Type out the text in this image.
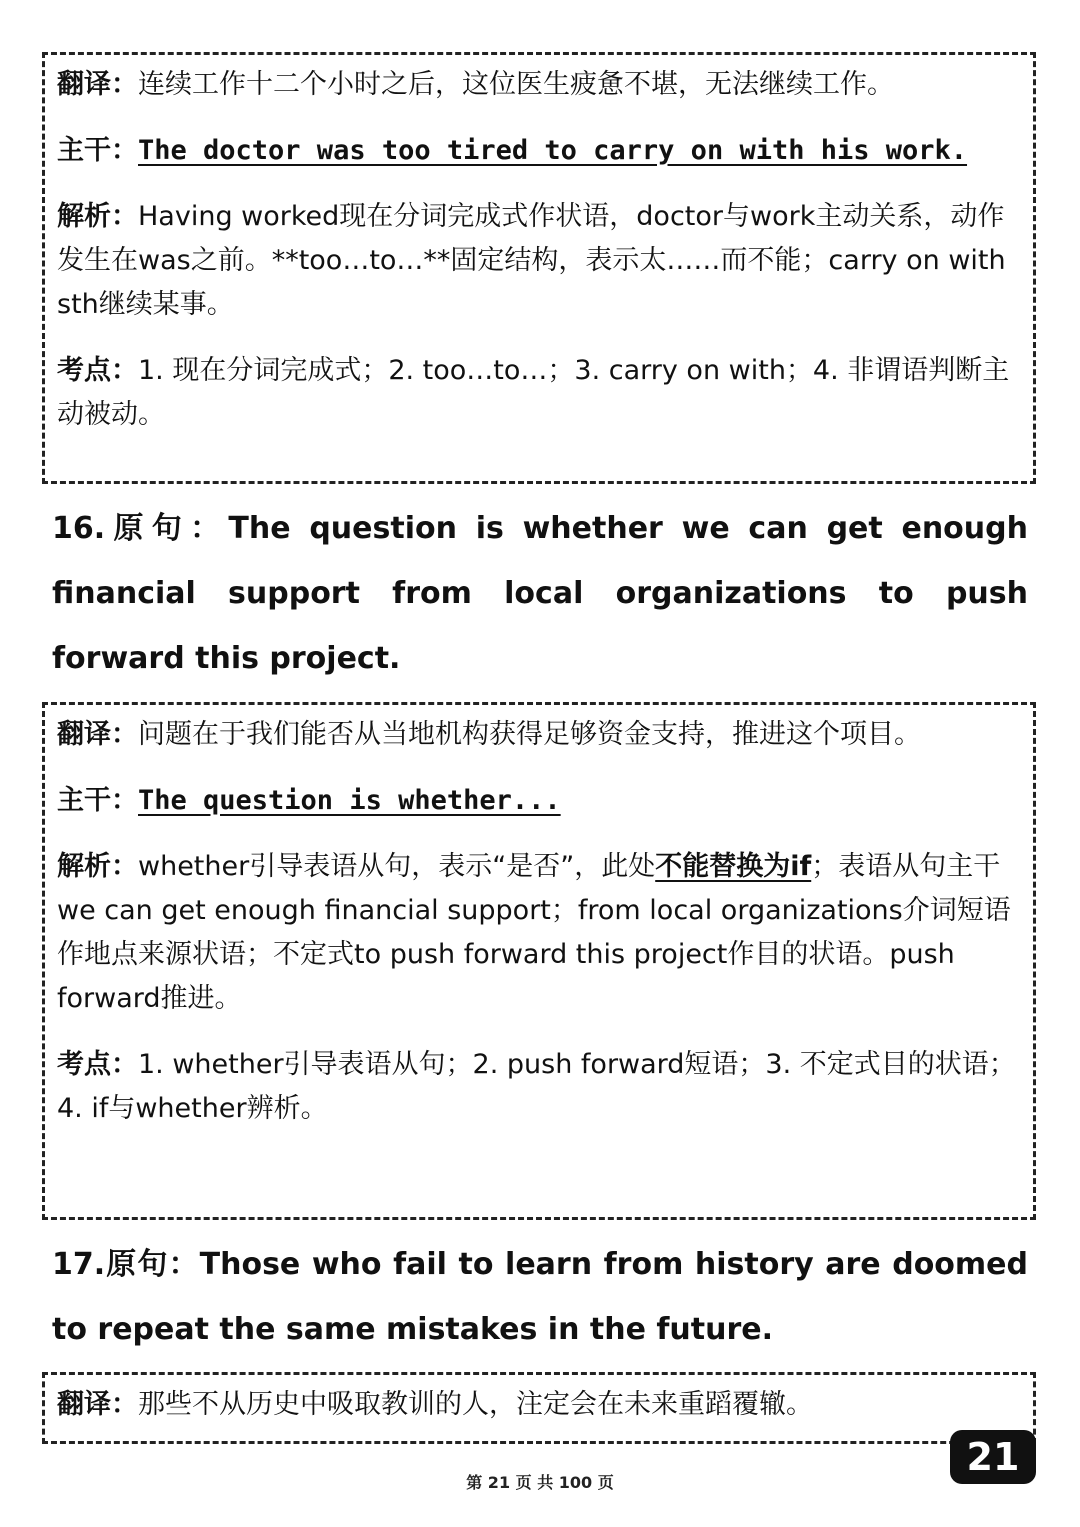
翻译：连续工作十二个小时之后，这位医生疲惫不堪，无法继续工作。

主干：The doctor was too tired to carry on with his work.

解析：Having worked现在分词完成式作状语，doctor与work主动关系，动作发生在was之前。**too…to…**固定结构，表示太……而不能；carry on with sth继续某事。

考点：1. 现在分词完成式；2. too…to…；3. carry on with；4. 非谓语判断主动被动。

16.原句：The question is whether we can get enough financial support from local organizations to push forward this project.

翻译：问题在于我们能否从当地机构获得足够资金支持，推进这个项目。

主干：The question is whether...

解析：whether引导表语从句，表示“是否”，此处不能替换为if；表语从句主干we can get enough financial support；from local organizations介词短语作地点来源状语；不定式to push forward this project作目的状语。push forward推进。

考点：1. whether引导表语从句；2. push forward短语；3. 不定式目的状语；4. if与whether辨析。

17.原句：Those who fail to learn from history are doomed to repeat the same mistakes in the future.

翻译：那些不从历史中吸取教训的人，注定会在未来重蹈覆辙。

21
第 21 页 共 100 页
